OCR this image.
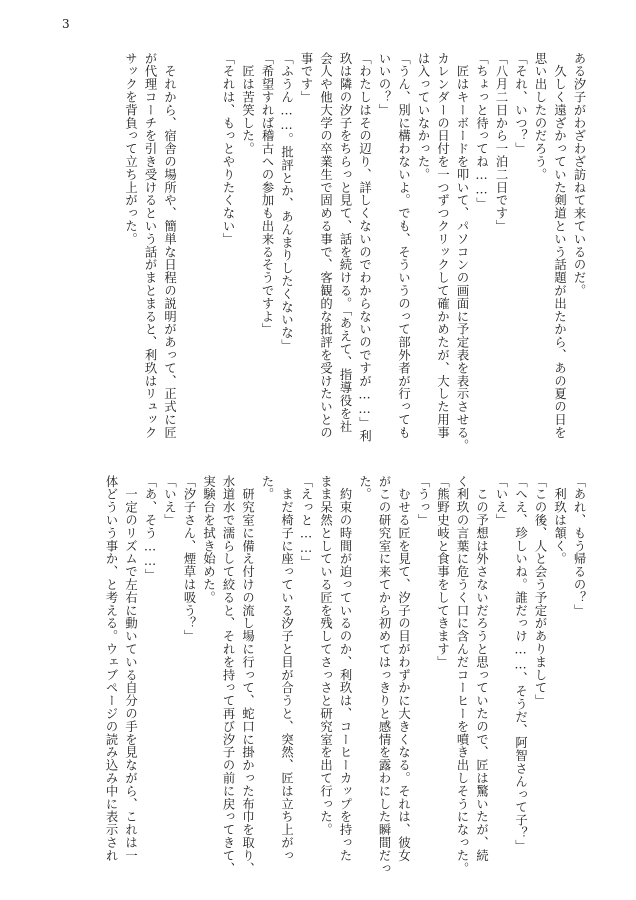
3
ある汐子がわざわざ訪ねて来ているのだ。
　久しく遠ざかっていた剣道という話題が出たから、あの夏の日を
思い出したのだろう。
「それ、いつ？」
「八月二日から一泊二日です」
「ちょっと待ってね……」
　匠はキーボードを叩いて、パソコンの画面に予定表を表示させる。
カレンダーの日付を一つずつクリックして確かめたが、大した用事
は入っていなかった。
「うん、別に構わないよ。でも、そういうのって部外者が行っても
いいの？」
「わたしはその辺り、詳しくないのでわからないのですが……」利
玖は隣の汐子をちらっと見て、話を続ける。「あえて、指導役を社
会人や他大学の卒業生で固める事で、客観的な批評を受けたいとの
事です」
「ふうん……。批評とか、あんまりしたくないな」
「希望すれば稽古への参加も出来るそうですよ」
　匠は苦笑した。
「それは、もっとやりたくない」
　それから、宿舎の場所や、簡単な日程の説明があって、正式に匠
が代理コーチを引き受けるという話がまとまると、利玖はリュック
サックを背負って立ち上がった。
「あれ、もう帰るの？」
　利玖は頷く。
「この後、人と会う予定がありまして」
「へえ、珍しいね。誰だっけ……、そうだ、阿智さんって子？」
「いえ」
　この予想は外さないだろうと思っていたので、匠は驚いたが、続
く利玖の言葉に危うく口に含んだコーヒーを噴き出しそうになった。
「熊野史岐と食事をしてきます」
「うっ」
　むせる匠を見て、汐子の目がわずかに大きくなる。それは、彼女
がこの研究室に来てから初めてはっきりと感情を露わにした瞬間だっ
た。
　約束の時間が迫っているのか、利玖は、コーヒーカップを持った
まま呆然としている匠を残してさっさと研究室を出て行った。
「えっと……」
　まだ椅子に座っている汐子と目が合うと、突然、匠は立ち上がっ
た。
　研究室に備え付けの流し場に行って、蛇口に掛かった布巾を取り、
水道水で濡らして絞ると、それを持って再び汐子の前に戻ってきて、
実験台を拭き始めた。
「汐子さん、煙草は吸う？」
「いえ」
「あ、そう……」
　一定のリズムで左右に動いている自分の手を見ながら、これは一
体どういう事か、と考える。ウェブページの読み込み中に表示され
